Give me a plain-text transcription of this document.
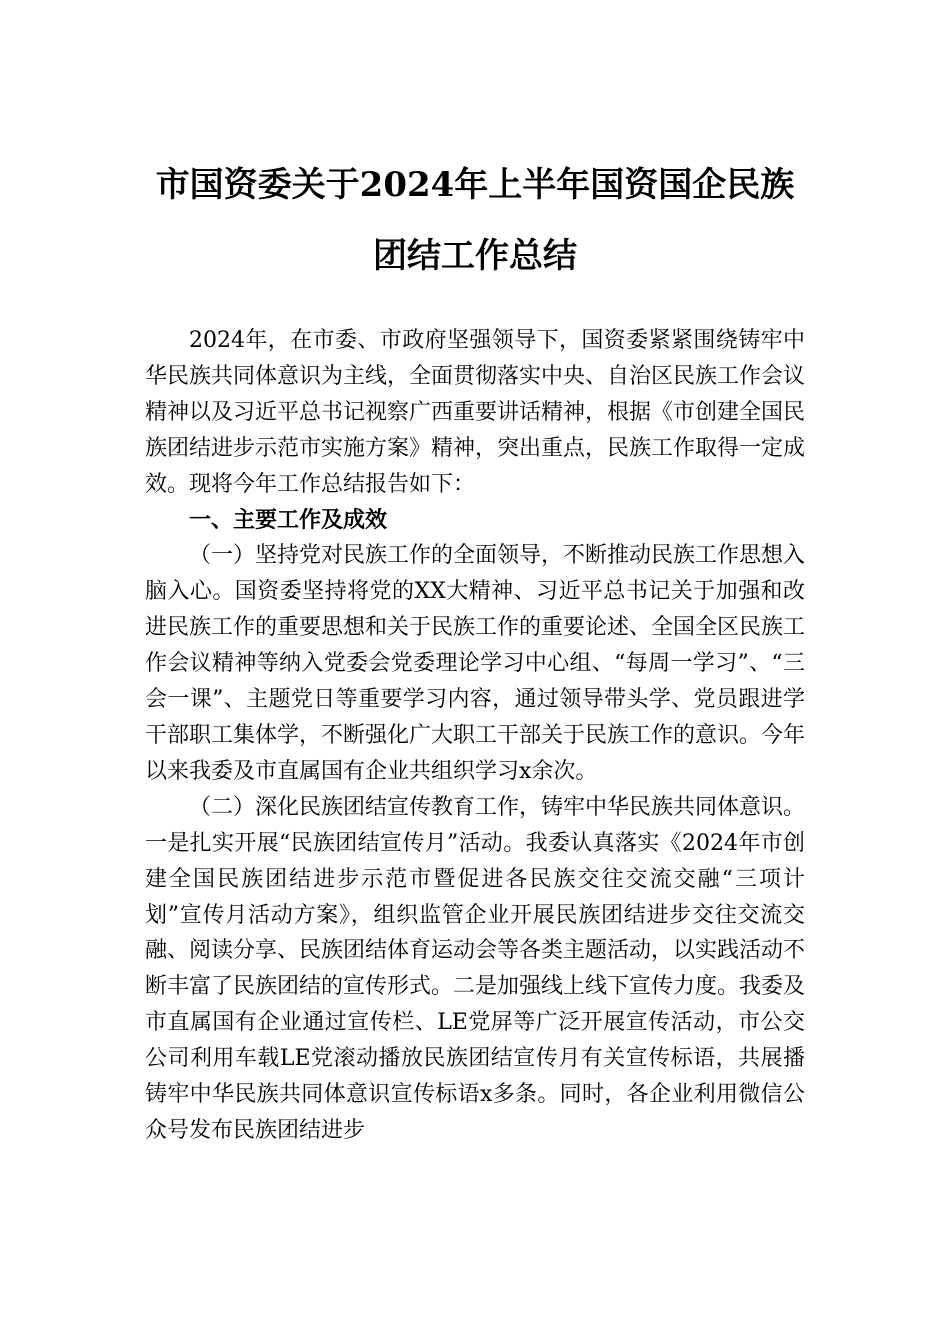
市国资委关于2024年上半年国资国企民族
团结工作总结

2024年，在市委、市政府坚强领导下，国资委紧紧围绕铸牢中华民族共同体意识为主线，全面贯彻落实中央、自治区民族工作会议精神以及习近平总书记视察广西重要讲话精神，根据《市创建全国民族团结进步示范市实施方案》精神，突出重点，民族工作取得一定成效。现将今年工作总结报告如下：

一、主要工作及成效

（一）坚持党对民族工作的全面领导，不断推动民族工作思想入脑入心。国资委坚持将党的XX大精神、习近平总书记关于加强和改进民族工作的重要思想和关于民族工作的重要论述、全国全区民族工作会议精神等纳入党委会党委理论学习中心组、“每周一学习”、“三会一课”、主题党日等重要学习内容，通过领导带头学、党员跟进学干部职工集体学，不断强化广大职工干部关于民族工作的意识。今年以来我委及市直属国有企业共组织学习x余次。

（二）深化民族团结宣传教育工作，铸牢中华民族共同体意识。一是扎实开展“民族团结宣传月”活动。我委认真落实《2024年市创建全国民族团结进步示范市暨促进各民族交往交流交融“三项计划”宣传月活动方案》，组织监管企业开展民族团结进步交往交流交融、阅读分享、民族团结体育运动会等各类主题活动，以实践活动不断丰富了民族团结的宣传形式。二是加强线上线下宣传力度。我委及市直属国有企业通过宣传栏、LE党屏等广泛开展宣传活动，市公交公司利用车载LE党滚动播放民族团结宣传月有关宣传标语，共展播铸牢中华民族共同体意识宣传标语x多条。同时，各企业利用微信公众号发布民族团结进步
